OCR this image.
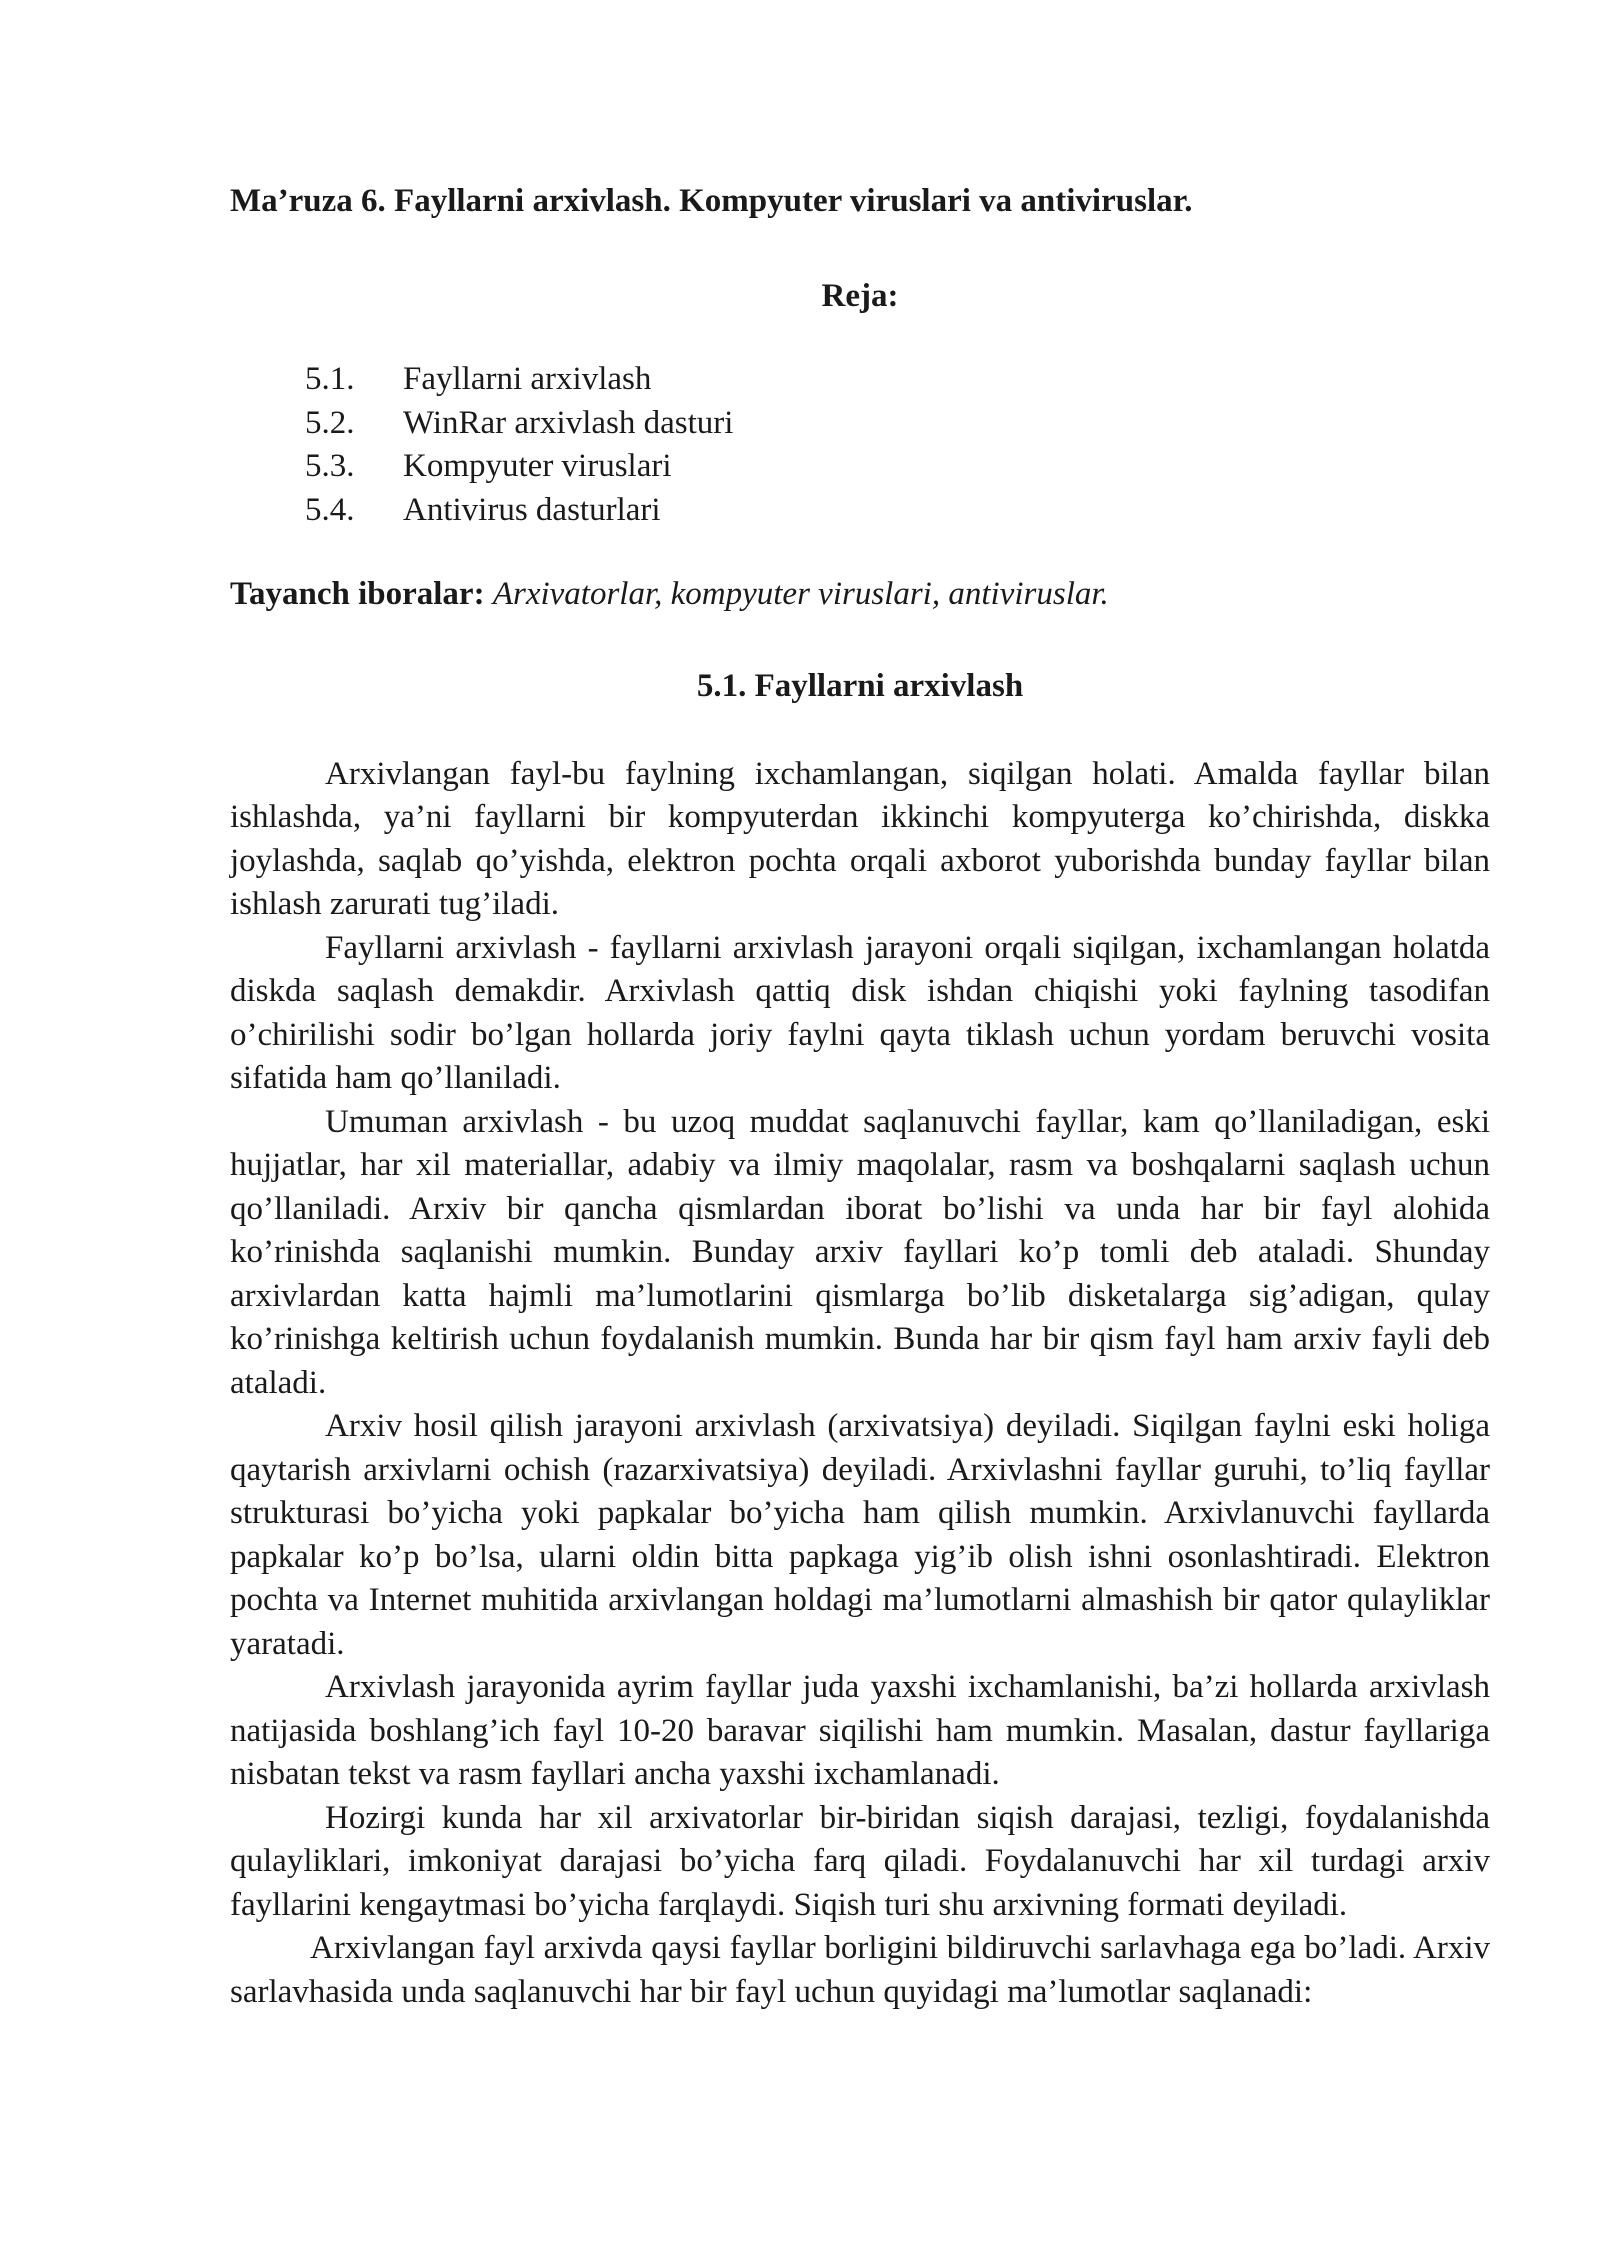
Ma’ruza 6. Fayllarni arxivlash. Kompyuter viruslari va antiviruslar.

Reja:

5.1.	Fayllarni arxivlash
5.2.	WinRar arxivlash dasturi
5.3.	Kompyuter viruslari
5.4.	Antivirus dasturlari

Tayanch iboralar: Arxivatorlar, kompyuter viruslari, antiviruslar.

5.1. Fayllarni arxivlash

Arxivlangan fayl-bu faylning ixchamlangan, siqilgan holati. Amalda fayllar bilan ishlashda, ya’ni fayllarni bir kompyuterdan ikkinchi kompyuterga ko’chirishda, diskka joylashda, saqlab qo’yishda, elektron pochta orqali axborot yuborishda bunday fayllar bilan ishlash zarurati tug’iladi.

Fayllarni arxivlash - fayllarni arxivlash jarayoni orqali siqilgan, ixchamlangan holatda diskda saqlash demakdir. Arxivlash qattiq disk ishdan chiqishi yoki faylning tasodifan o’chirilishi sodir bo’lgan hollarda joriy faylni qayta tiklash uchun yordam beruvchi vosita sifatida ham qo’llaniladi.

Umuman arxivlash - bu uzoq muddat saqlanuvchi fayllar, kam qo’llaniladigan, eski hujjatlar, har xil materiallar, adabiy va ilmiy maqolalar, rasm va boshqalarni saqlash uchun qo’llaniladi. Arxiv bir qancha qismlardan iborat bo’lishi va unda har bir fayl alohida ko’rinishda saqlanishi mumkin. Bunday arxiv fayllari ko’p tomli deb ataladi. Shunday arxivlardan katta hajmli ma’lumotlarini qismlarga bo’lib disketalarga sig’adigan, qulay ko’rinishga keltirish uchun foydalanish mumkin. Bunda har bir qism fayl ham arxiv fayli deb ataladi.

Arxiv hosil qilish jarayoni arxivlash (arxivatsiya) deyiladi. Siqilgan faylni eski holiga qaytarish arxivlarni ochish (razarxivatsiya) deyiladi. Arxivlashni fayllar guruhi, to’liq fayllar strukturasi bo’yicha yoki papkalar bo’yicha ham qilish mumkin. Arxivlanuvchi fayllarda papkalar ko’p bo’lsa, ularni oldin bitta papkaga yig’ib olish ishni osonlashtiradi. Elektron pochta va Internet muhitida arxivlangan holdagi ma’lumotlarni almashish bir qator qulayliklar yaratadi.

Arxivlash jarayonida ayrim fayllar juda yaxshi ixchamlanishi, ba’zi hollarda arxivlash natijasida boshlang’ich fayl 10-20 baravar siqilishi ham mumkin. Masalan, dastur fayllariga nisbatan tekst va rasm fayllari ancha yaxshi ixchamlanadi.

Hozirgi kunda har xil arxivatorlar bir-biridan siqish darajasi, tezligi, foydalanishda qulayliklari, imkoniyat darajasi bo’yicha farq qiladi. Foydalanuvchi har xil turdagi arxiv fayllarini kengaytmasi bo’yicha farqlaydi. Siqish turi shu arxivning formati deyiladi.

Arxivlangan fayl arxivda qaysi fayllar borligini bildiruvchi sarlavhaga ega bo’ladi. Arxiv sarlavhasida unda saqlanuvchi har bir fayl uchun quyidagi ma’lumotlar saqlanadi:
